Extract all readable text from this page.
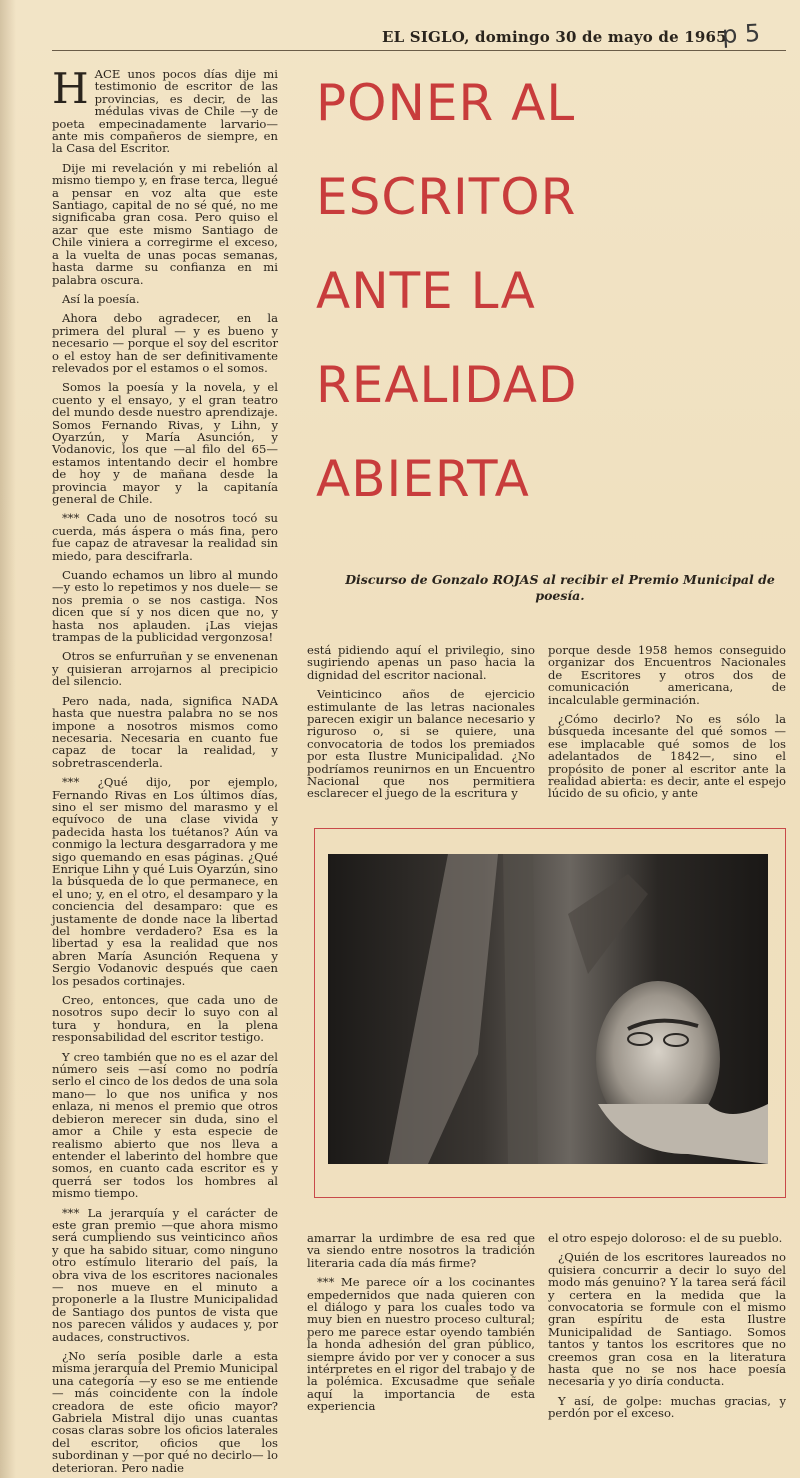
EL SIGLO, domingo 30 de mayo de 1965
p 5

HACE unos pocos días dije mi testimonio de escritor de las provincias, es decir, de las médulas vivas de Chile —y de poeta empecinadamente larvario— ante mis compañeros de siempre, en la Casa del Escritor.

Dije mi revelación y mi rebelión al mismo tiempo y, en frase terca, llegué a pensar en voz alta que este Santiago, capital de no sé qué, no me significaba gran cosa. Pero quiso el azar que este mismo Santiago de Chile viniera a corregirme el exceso, a la vuelta de unas pocas semanas, hasta darme su confianza en mi palabra oscura.

Así la poesía.

Ahora debo agradecer, en la primera del plural — y es bueno y necesario — porque el soy del escritor o el estoy han de ser definitivamente relevados por el estamos o el somos.

Somos la poesía y la novela, y el cuento y el ensayo, y el gran teatro del mundo desde nuestro aprendizaje. Somos Fernando Rivas, y Lihn, y Oyarzún, y María Asunción, y Vodanovic, los que —al filo del 65— estamos intentando decir el hombre de hoy y de mañana desde la provincia mayor y la capitanía general de Chile.

*** Cada uno de nosotros tocó su cuerda, más áspera o más fina, pero fue capaz de atravesar la realidad sin miedo, para descifrarla.

Cuando echamos un libro al mundo —y esto lo repetimos y nos duele— se nos premia o se nos castiga. Nos dicen que sí y nos dicen que no, y hasta nos aplauden. ¡Las viejas trampas de la publicidad vergonzosa!

Otros se enfurruñan y se envenenan y quisieran arrojarnos al precipicio del silencio.

Pero nada, nada, significa NADA hasta que nuestra palabra no se nos impone a nosotros mismos como necesaria. Necesaria en cuanto fue capaz de tocar la realidad, y sobretrascenderla.

*** ¿Qué dijo, por ejemplo, Fernando Rivas en Los últimos días, sino el ser mismo del marasmo y el equívoco de una clase vivida y padecida hasta los tuétanos? Aún va conmigo la lectura desgarradora y me sigo quemando en esas páginas. ¿Qué Enrique Lihn y qué Luis Oyarzún, sino la búsqueda de lo que permanece, en el uno; y, en el otro, el desamparo y la conciencia del desamparo: que es justamente de donde nace la libertad del hombre verdadero? Esa es la libertad y esa la realidad que nos abren María Asunción Requena y Sergio Vodanovic después que caen los pesados cortinajes.

Creo, entonces, que cada uno de nosotros supo decir lo suyo con al tura y hondura, en la plena responsabilidad del escritor testigo.

Y creo también que no es el azar del número seis —así como no podría serlo el cinco de los dedos de una sola mano— lo que nos unifica y nos enlaza, ni menos el premio que otros debieron merecer sin duda, sino el amor a Chile y esta especie de realismo abierto que nos lleva a entender el laberinto del hombre que somos, en cuanto cada escritor es y querrá ser todos los hombres al mismo tiempo.

*** La jerarquía y el carácter de este gran premio —que ahora mismo será cumpliendo sus veinticinco años y que ha sabido situar, como ninguno otro estímulo literario del país, la obra viva de los escritores nacionales— nos mueve en el minuto a proponerle a la Ilustre Municipalidad de Santiago dos puntos de vista que nos parecen válidos y audaces y, por audaces, constructivos.

¿No sería posible darle a esta misma jerarquía del Premio Municipal una categoría —y eso se me entiende— más coincidente con la índole creadora de este oficio mayor? Gabriela Mistral dijo unas cuantas cosas claras sobre los oficios laterales del escritor, oficios que los subordinan y —por qué no decirlo— lo deterioran. Pero nadie

PONER AL
ESCRITOR
ANTE LA
REALIDAD
ABIERTA
Discurso de Gonzalo ROJAS al recibir el Premio Municipal de poesía.

está pidiendo aquí el privilegio, sino sugiriendo apenas un paso hacia la dignidad del escritor nacional.

Veinticinco años de ejercicio estimulante de las letras nacionales parecen exigir un balance necesario y riguroso o, si se quiere, una convocatoria de todos los premiados por esta Ilustre Municipalidad. ¿No podríamos reunirnos en un Encuentro Nacional que nos permitiera esclarecer el juego de la escritura y

porque desde 1958 hemos conseguido organizar dos Encuentros Nacionales de Escritores y otros dos de comunicación americana, de incalculable germinación.

¿Cómo decirlo? No es sólo la búsqueda incesante del qué somos —ese implacable qué somos de los adelantados de 1842—, sino el propósito de poner al escritor ante la realidad abierta: es decir, ante el espejo lúcido de su oficio, y ante

amarrar la urdimbre de esa red que va siendo entre nosotros la tradición literaria cada día más firme?

*** Me parece oír a los cocinantes empedernidos que nada quieren con el diálogo y para los cuales todo va muy bien en nuestro proceso cultural; pero me parece estar oyendo también la honda adhesión del gran público, siempre ávido por ver y conocer a sus intérpretes en el rigor del trabajo y de la polémica. Excusadme que señale aquí la importancia de esta experiencia

el otro espejo doloroso: el de su pueblo.

¿Quién de los escritores laureados no quisiera concurrir a decir lo suyo del modo más genuino? Y la tarea será fácil y certera en la medida que la convocatoria se formule con el mismo gran espíritu de esta Ilustre Municipalidad de Santiago. Somos tantos y tantos los escritores que no creemos gran cosa en la literatura hasta que no se nos hace poesía necesaria y yo diría conducta.

Y así, de golpe: muchas gracias, y perdón por el exceso.
